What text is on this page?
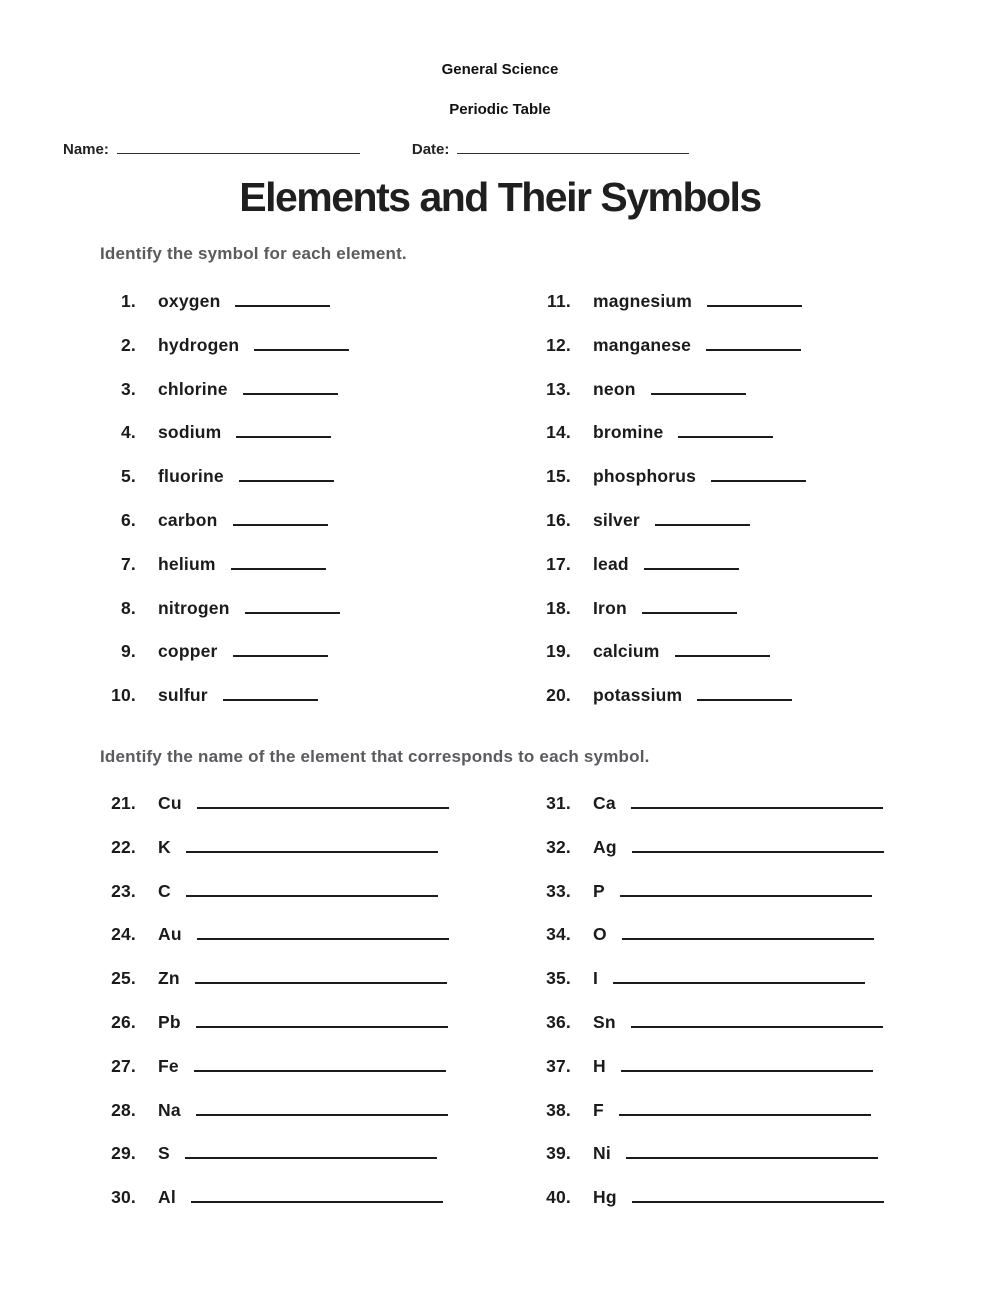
General Science
Periodic Table
Name:	Date:
Elements and Their Symbols
Identify the symbol for each element.
1. oxygen
2. hydrogen
3. chlorine
4. sodium
5. fluorine
6. carbon
7. helium
8. nitrogen
9. copper
10. sulfur
11. magnesium
12. manganese
13. neon
14. bromine
15. phosphorus
16. silver
17. lead
18. Iron
19. calcium
20. potassium
Identify the name of the element that corresponds to each symbol.
21. Cu
22. K
23. C
24. Au
25. Zn
26. Pb
27. Fe
28. Na
29. S
30. Al
31. Ca
32. Ag
33. P
34. O
35. I
36. Sn
37. H
38. F
39. Ni
40. Hg
